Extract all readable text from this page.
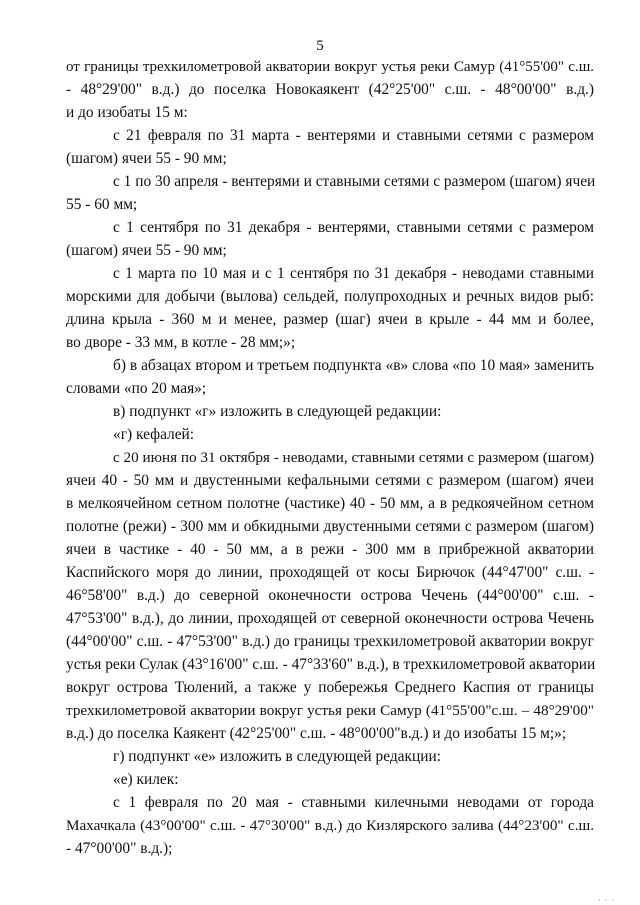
5
от границы трехкилометровой акватории вокруг устья реки Самур (41°55'00" с.ш.
- 48°29'00" в.д.) до поселка Новокаякент (42°25'00" с.ш. - 48°00'00" в.д.)
и до изобаты 15 м:
с 21 февраля по 31 марта - вентерями и ставными сетями с размером
(шагом) ячеи 55 - 90 мм;
с 1 по 30 апреля - вентерями и ставными сетями с размером (шагом) ячеи
55 - 60 мм;
с 1 сентября по 31 декабря - вентерями, ставными сетями с размером
(шагом) ячеи 55 - 90 мм;
с 1 марта по 10 мая и с 1 сентября по 31 декабря - неводами ставными
морскими для добычи (вылова) сельдей, полупроходных и речных видов рыб:
длина крыла - 360 м и менее, размер (шаг) ячеи в крыле - 44 мм и более,
во дворе - 33 мм, в котле - 28 мм;»;
б) в абзацах втором и третьем подпункта «в» слова «по 10 мая» заменить
словами «по 20 мая»;
в) подпункт «г» изложить в следующей редакции:
«г) кефалей:
с 20 июня по 31 октября - неводами, ставными сетями с размером (шагом)
ячеи 40 - 50 мм и двустенными кефальными сетями с размером (шагом) ячеи
в мелкоячейном сетном полотне (частике) 40 - 50 мм, а в редкоячейном сетном
полотне (режи) - 300 мм и обкидными двустенными сетями с размером (шагом)
ячеи в частике - 40 - 50 мм, а в режи - 300 мм в прибрежной акватории
Каспийского моря до линии, проходящей от косы Бирючок (44°47'00" с.ш. -
46°58'00" в.д.) до северной оконечности острова Чечень (44°00'00" с.ш. -
47°53'00" в.д.), до линии, проходящей от северной оконечности острова Чечень
(44°00'00" с.ш. - 47°53'00" в.д.) до границы трехкилометровой акватории вокруг
устья реки Сулак (43°16'00" с.ш. - 47°33'60" в.д.), в трехкилометровой акватории
вокруг острова Тюлений, а также у побережья Среднего Каспия от границы
трехкилометровой акватории вокруг устья реки Самур (41°55'00"с.ш. – 48°29'00"
в.д.) до поселка Каякент (42°25'00" с.ш. - 48°00'00"в.д.) и до изобаты 15 м;»;
г) подпункт «е» изложить в следующей редакции:
«е) килек:
с 1 февраля по 20 мая - ставными килечными неводами от города
Махачкала (43°00'00" с.ш. - 47°30'00" в.д.) до Кизлярского залива (44°23'00" с.ш.
- 47°00'00" в.д.);
· · ·
